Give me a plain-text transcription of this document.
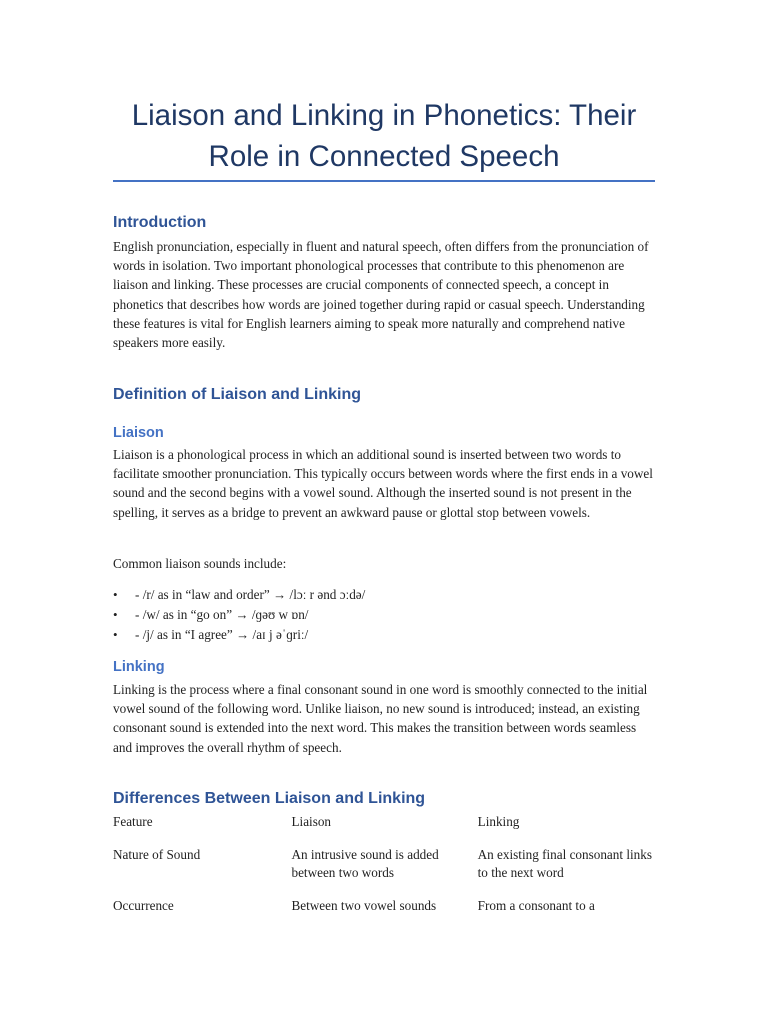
Liaison and Linking in Phonetics: Their Role in Connected Speech
Introduction

English pronunciation, especially in fluent and natural speech, often differs from the pronunciation of words in isolation. Two important phonological processes that contribute to this phenomenon are liaison and linking. These processes are crucial components of connected speech, a concept in phonetics that describes how words are joined together during rapid or casual speech. Understanding these features is vital for English learners aiming to speak more naturally and comprehend native speakers more easily.

Definition of Liaison and Linking
Liaison

Liaison is a phonological process in which an additional sound is inserted between two words to facilitate smoother pronunciation. This typically occurs between words where the first ends in a vowel sound and the second begins with a vowel sound. Although the inserted sound is not present in the spelling, it serves as a bridge to prevent an awkward pause or glottal stop between vowels.

Common liaison sounds include:

• - /r/ as in “law and order” → /lɔː r ənd ɔːdə/
• - /w/ as in “go on” → /ɡəʊ w ɒn/
• - /j/ as in “I agree” → /aɪ j əˈɡriː/
Linking

Linking is the process where a final consonant sound in one word is smoothly connected to the initial vowel sound of the following word. Unlike liaison, no new sound is introduced; instead, an existing consonant sound is extended into the next word. This makes the transition between words seamless and improves the overall rhythm of speech.

Differences Between Liaison and Linking
Feature	Liaison	Linking
Nature of Sound	An intrusive sound is added between two words	An existing final consonant links to the next word
Occurrence	Between two vowel sounds	From a consonant to a
